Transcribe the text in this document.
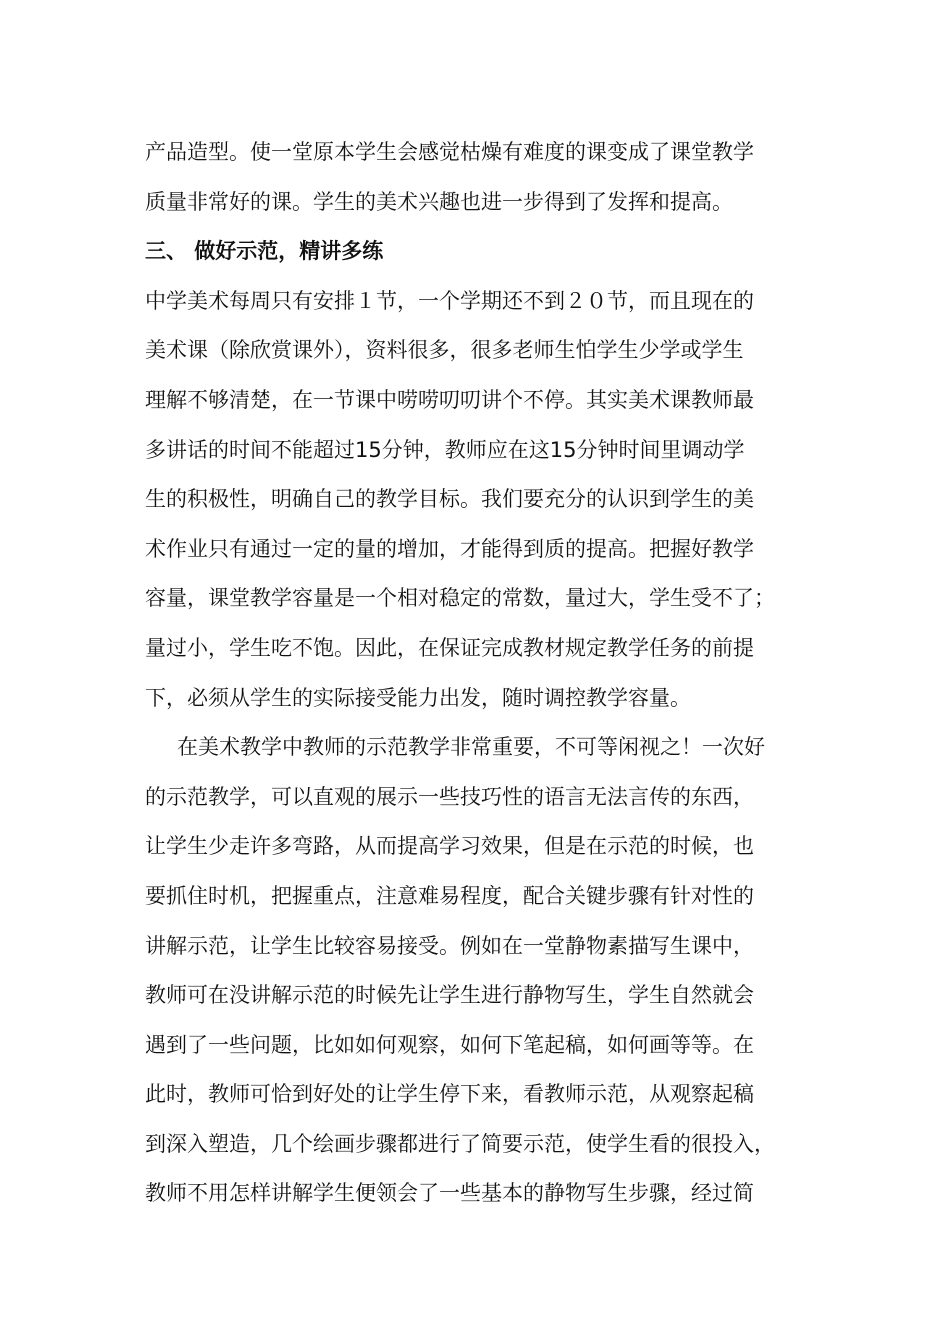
产品造型。使一堂原本学生会感觉枯燥有难度的课变成了课堂教学
质量非常好的课。学生的美术兴趣也进一步得到了发挥和提高。
三、 做好示范，精讲多练
中学美术每周只有安排１节，一个学期还不到２０节，而且现在的
美术课（除欣赏课外），资料很多，很多老师生怕学生少学或学生
理解不够清楚，在一节课中唠唠叨叨讲个不停。其实美术课教师最
多讲话的时间不能超过15分钟，教师应在这15分钟时间里调动学
生的积极性，明确自己的教学目标。我们要充分的认识到学生的美
术作业只有通过一定的量的增加，才能得到质的提高。把握好教学
容量，课堂教学容量是一个相对稳定的常数，量过大，学生受不了；
量过小，学生吃不饱。因此，在保证完成教材规定教学任务的前提
下，必须从学生的实际接受能力出发，随时调控教学容量。
在美术教学中教师的示范教学非常重要，不可等闲视之！一次好
的示范教学，可以直观的展示一些技巧性的语言无法言传的东西，
让学生少走许多弯路，从而提高学习效果，但是在示范的时候，也
要抓住时机，把握重点，注意难易程度，配合关键步骤有针对性的
讲解示范，让学生比较容易接受。例如在一堂静物素描写生课中，
教师可在没讲解示范的时候先让学生进行静物写生，学生自然就会
遇到了一些问题，比如如何观察，如何下笔起稿，如何画等等。在
此时，教师可恰到好处的让学生停下来，看教师示范，从观察起稿
到深入塑造，几个绘画步骤都进行了简要示范，使学生看的很投入，
教师不用怎样讲解学生便领会了一些基本的静物写生步骤，经过简
